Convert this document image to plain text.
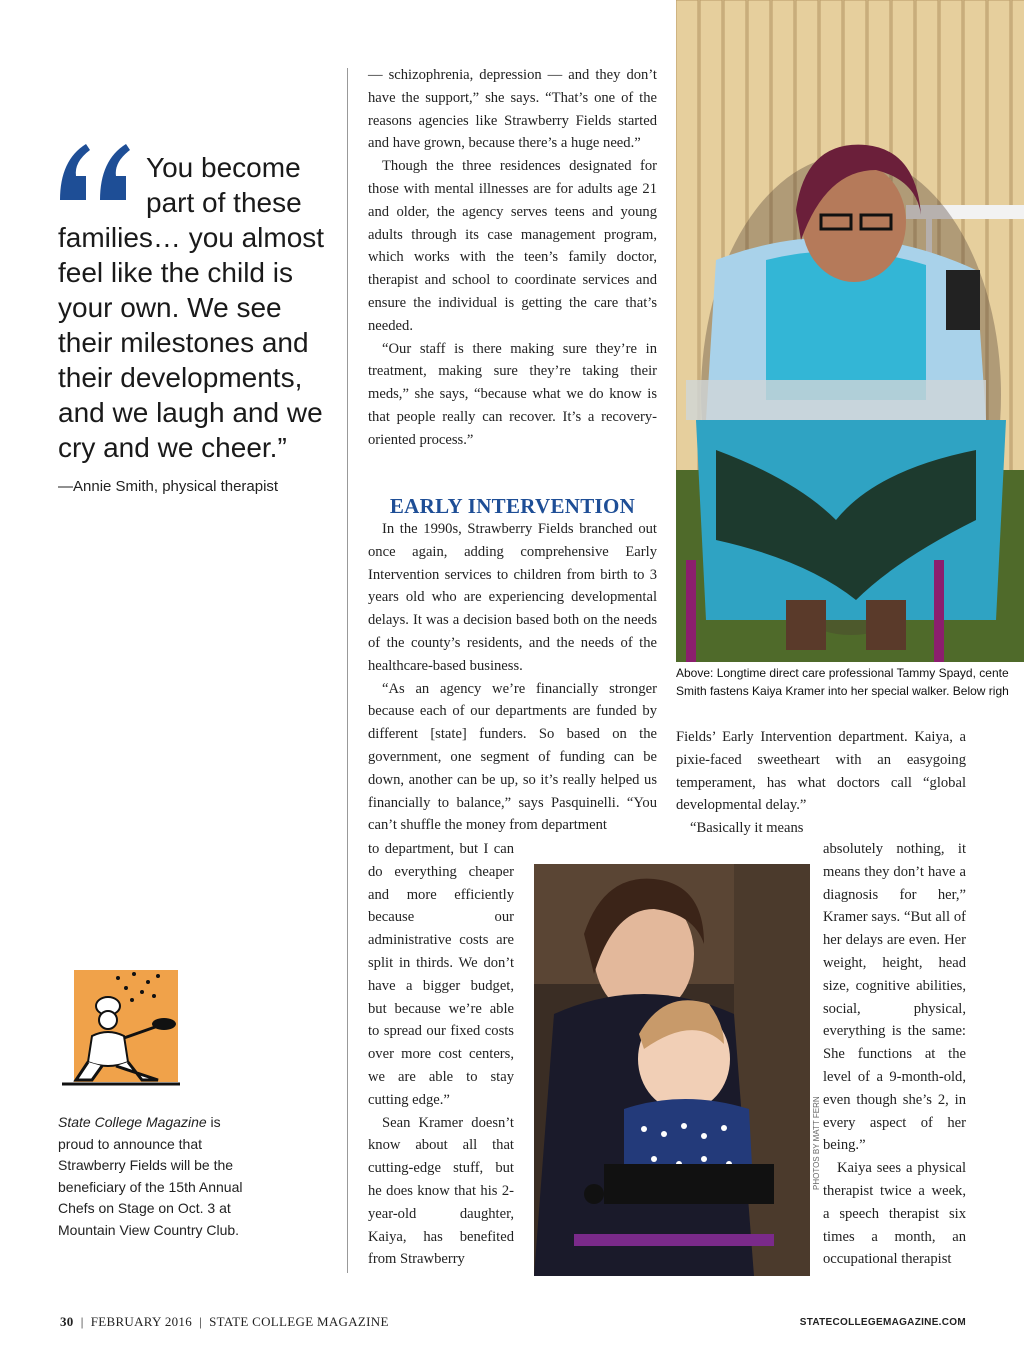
You become part of these
families… you almost feel like the child is your own. We see their milestones and their developments, and we laugh and we cry and we cheer.”
—Annie Smith, physical therapist

— schizophrenia, depression — and they don’t have the support,” she says. “That’s one of the reasons agencies like Strawberry Fields started and have grown, because there’s a huge need.”

Though the three residences designated for those with mental illnesses are for adults age 21 and older, the agency serves teens and young adults through its case management program, which works with the teen’s family doctor, therapist and school to coordinate services and ensure the individual is getting the care that’s needed.

“Our staff is there making sure they’re in treatment, making sure they’re taking their meds,” she says, “because what we do know is that people really can recover. It’s a recovery-oriented process.”

EARLY INTERVENTION

In the 1990s, Strawberry Fields branched out once again, adding comprehensive Early Intervention services to children from birth to 3 years old who are experiencing developmental delays. It was a decision based both on the needs of the county’s residents, and the needs of the healthcare-based business.

“As an agency we’re financially stronger because each of our departments are funded by different [state] funders. So based on the government, one segment of funding can be down, another can be up, so it’s really helped us financially to balance,” says Pasquinelli. “You can’t shuffle the money from department

to department, but I can do everything cheaper and more efficiently because our administrative costs are split in thirds. We don’t have a bigger budget, but because we’re able to spread our fixed costs over more cost centers, we are able to stay cutting edge.”

Sean Kramer doesn’t know about all that cutting-edge stuff, but he does know that his 2-year-old daughter, Kaiya, has benefited from Strawberry

Above: Longtime direct care professional Tammy Spayd, cente
Smith fastens Kaiya Kramer into her special walker. Below righ

Fields’ Early Intervention department. Kaiya, a pixie-faced sweetheart with an easygoing temperament, has what doctors call “global developmental delay.”

“Basically it means

absolutely nothing, it means they don’t have a diagnosis for her,” Kramer says. “But all of her delays are even. Her weight, height, head size, cognitive abilities, social, physical, everything is the same: She functions at the level of a 9-month-old, even though she’s 2, in every aspect of her being.”

Kaiya sees a physical therapist twice a week, a speech therapist six times a month, an occupational therapist

PHOTOS BY MATT FERN
State College Magazine is proud to announce that Strawberry Fields will be the beneficiary of the 15th Annual Chefs on Stage on Oct. 3 at Mountain View Country Club.
30  |  FEBRUARY 2016  |  STATE COLLEGE MAGAZINE	STATECOLLEGEMAGAZINE.COM
